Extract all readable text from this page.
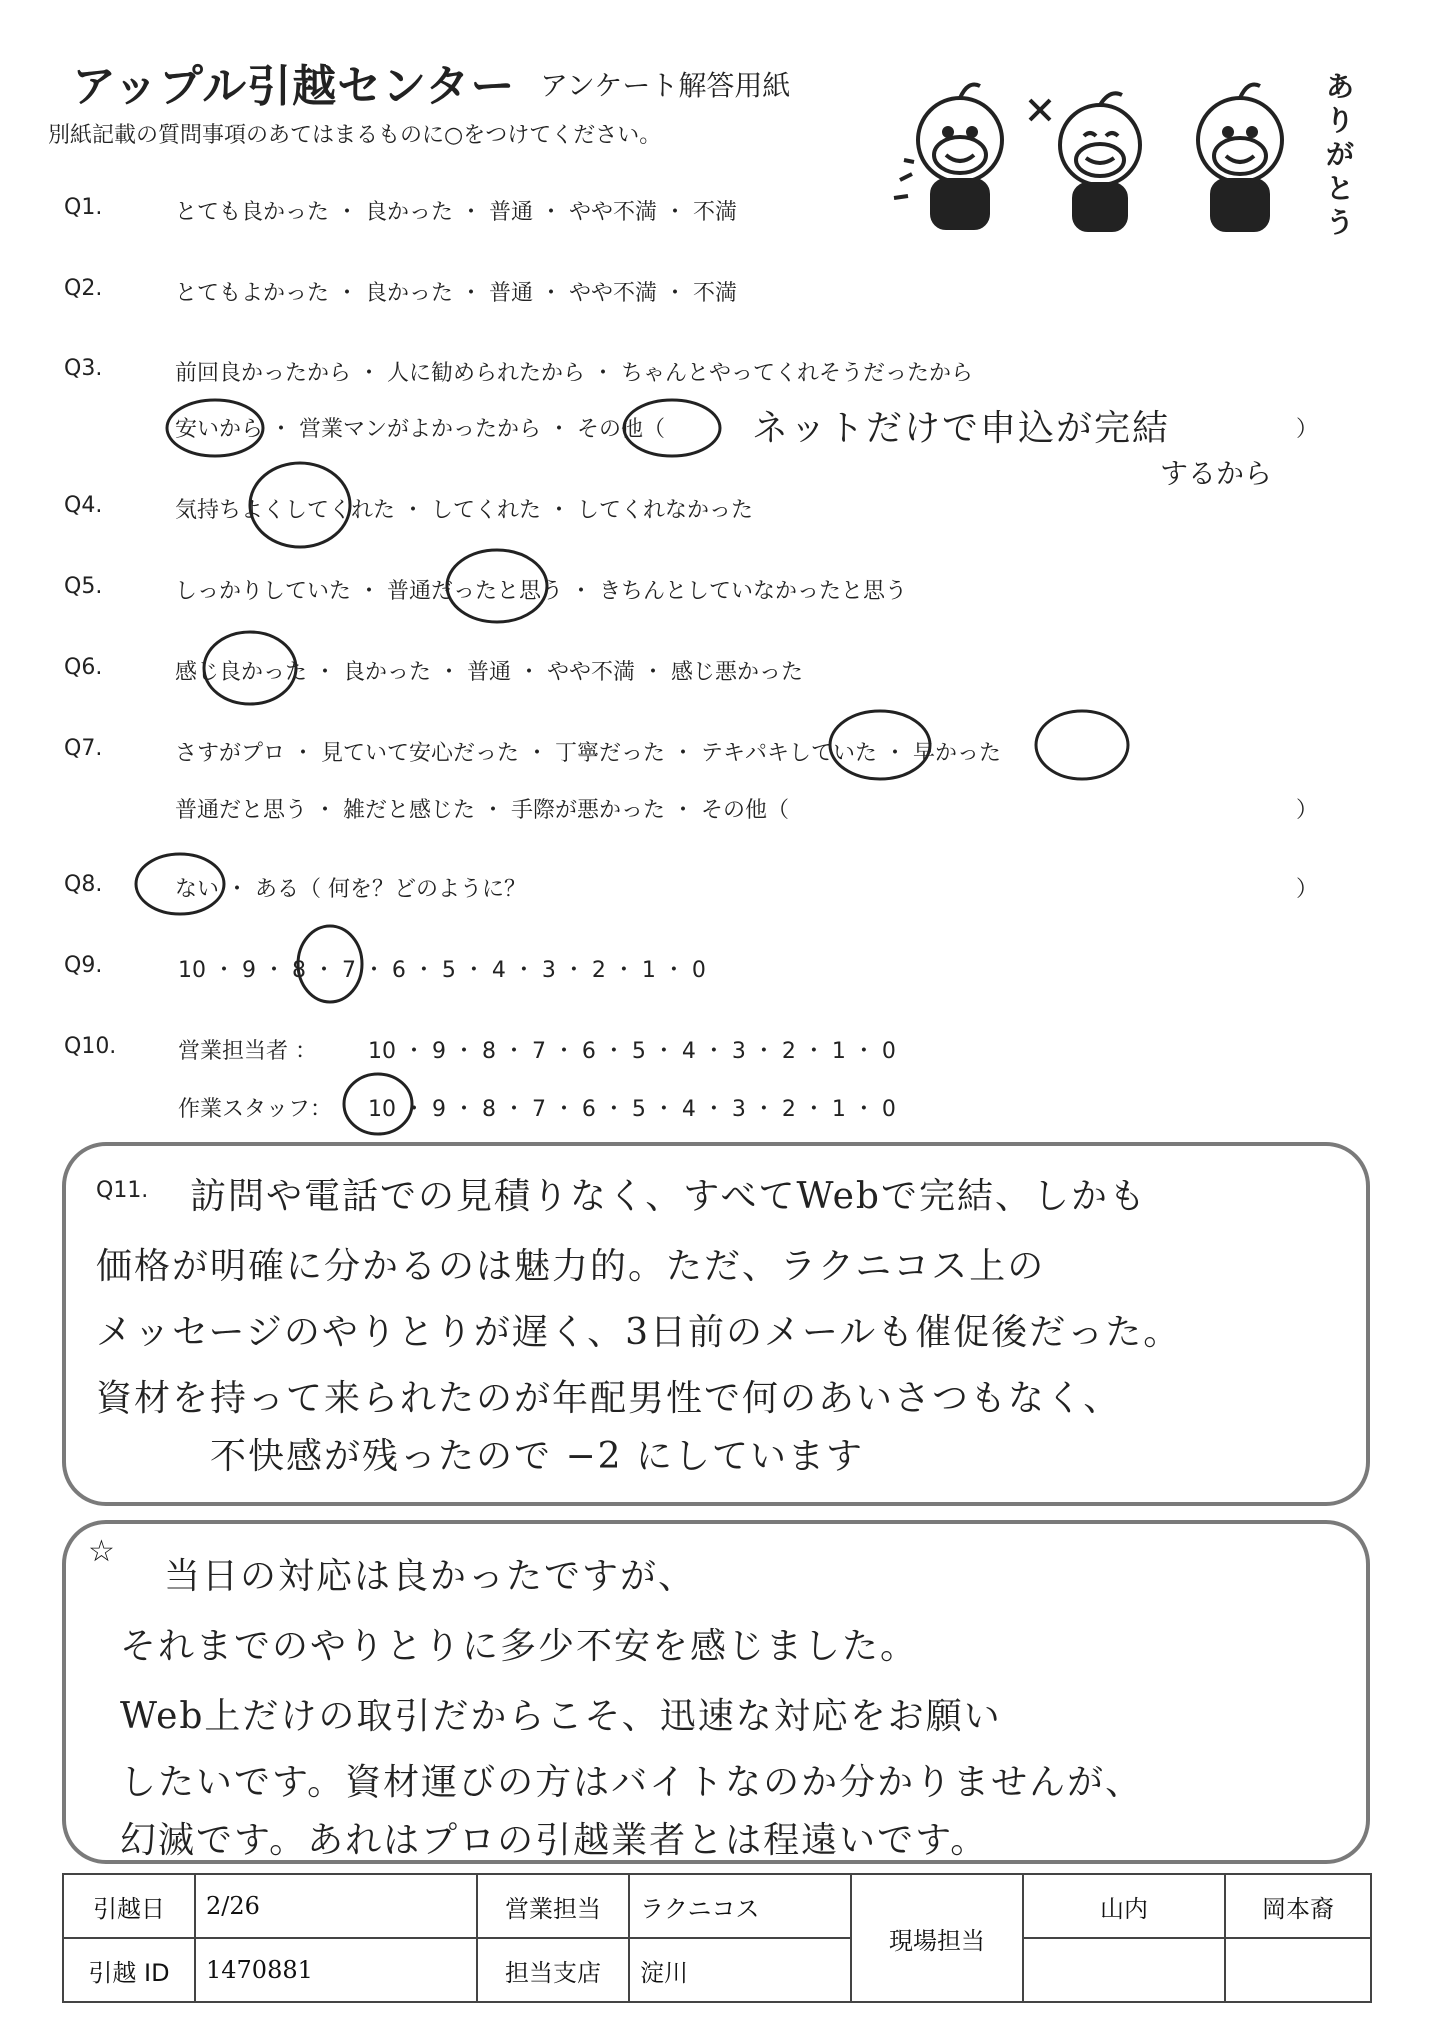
アップル引越センター アンケート解答用紙
別紙記載の質問事項のあてはまるものに○をつけてください。
ありがとう
Q1.	とても良かった ・ 良かった ・ 普通 ・ やや不満 ・ 不満
Q2.	とてもよかった ・ 良かった ・ 普通 ・ やや不満 ・ 不満
Q3.	前回良かったから ・ 人に勧められたから ・ ちゃんとやってくれそうだったから
安いから ・ 営業マンがよかったから ・ その他（ ネットだけで申込が完結
するから
）
Q4.	気持ちよくしてくれた ・ してくれた ・ してくれなかった
Q5.	しっかりしていた ・ 普通だったと思う ・ きちんとしていなかったと思う
Q6.	感じ良かった ・ 良かった ・ 普通 ・ やや不満 ・ 感じ悪かった
Q7.	さすがプロ ・ 見ていて安心だった ・ 丁寧だった ・ テキパキしていた ・ 早かった
普通だと思う ・ 雑だと感じた ・ 手際が悪かった ・ その他（	）
Q8.	ない ・ ある（ 何を？どのように？	）
Q9.	10 ・ 9 ・ 8 ・ 7 ・ 6 ・ 5 ・ 4 ・ 3 ・ 2 ・ 1 ・ 0
Q10.	営業担当者 ： 10 ・ 9 ・ 8 ・ 7 ・ 6 ・ 5 ・ 4 ・ 3 ・ 2 ・ 1 ・ 0
作業スタッフ： 10 ・ 9 ・ 8 ・ 7 ・ 6 ・ 5 ・ 4 ・ 3 ・ 2 ・ 1 ・ 0
Q11. 訪問や電話での見積りなく、すべてWebで完結、しかも
価格が明確に分かるのは魅力的。ただ、ラクニコス上の
メッセージのやりとりが遅く、3日前のメールも催促後だった。
資材を持って来られたのが年配男性で何のあいさつもなく、
不快感が残ったので −2 にしています
☆
当日の対応は良かったですが、
それまでのやりとりに多少不安を感じました。
Web上だけの取引だからこそ、迅速な対応をお願い
したいです。資材運びの方はバイトなのか分かりませんが、
幻滅です。あれはプロの引越業者とは程遠いです。
引越日	2/26	営業担当	ラクニコス	現場担当	山内	岡本裔
引越 ID	1470881	担当支店	淀川			
